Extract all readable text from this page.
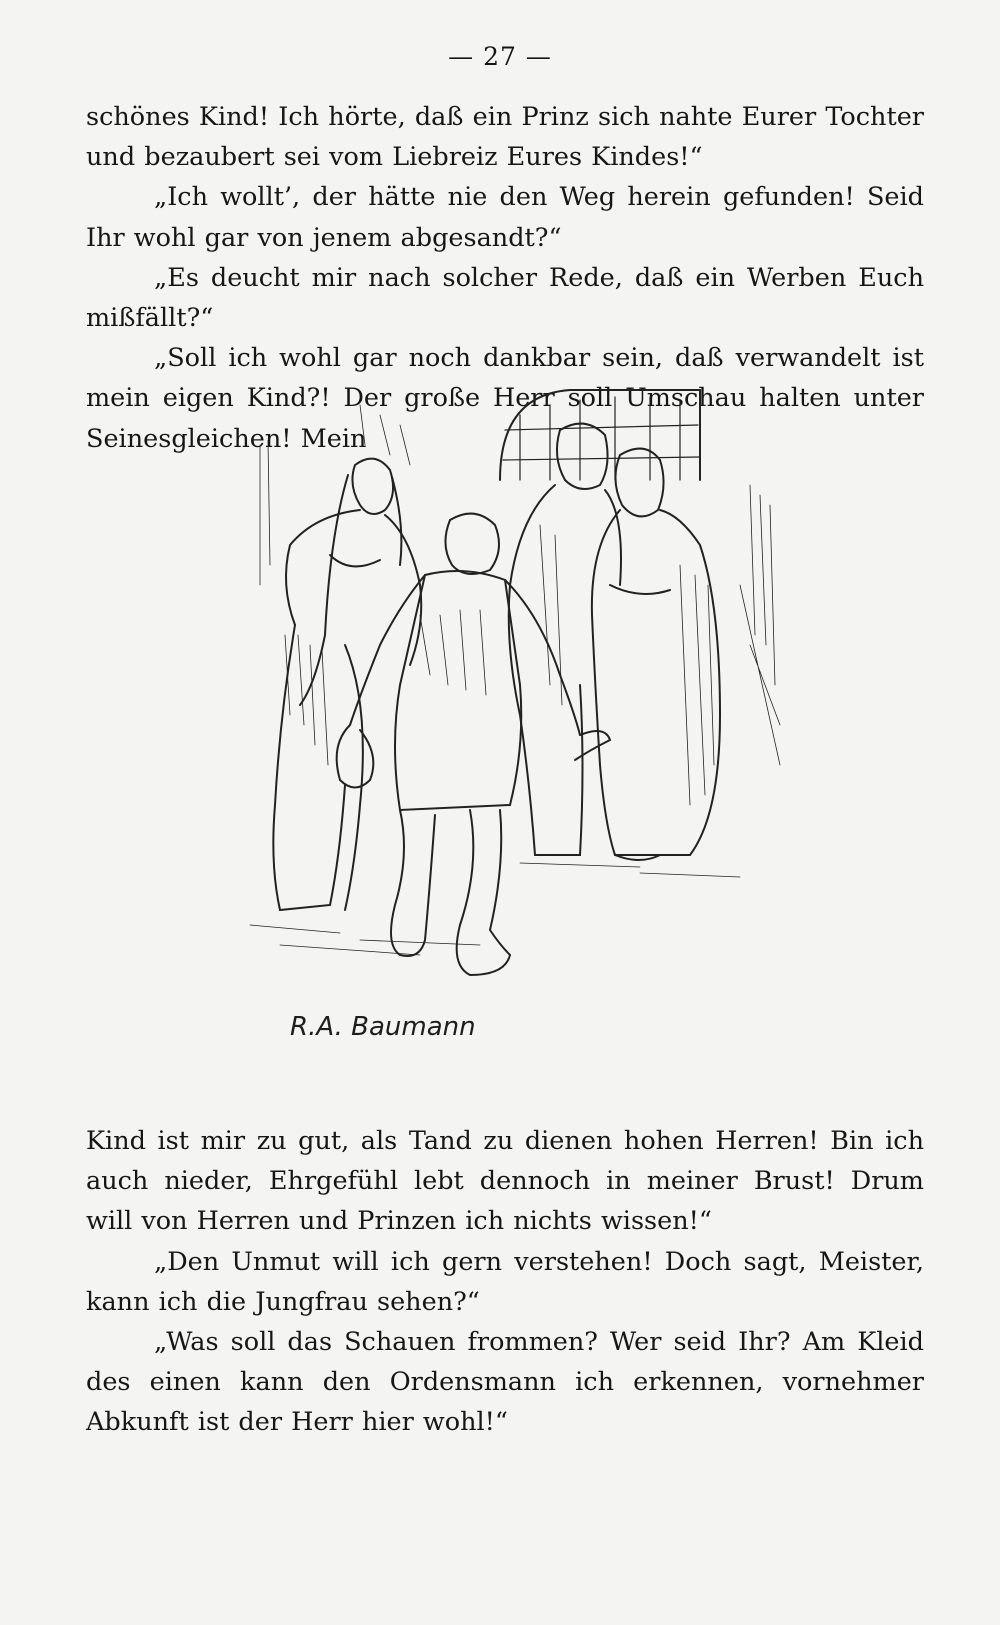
— 27 —

schönes Kind! Ich hörte, daß ein Prinz sich nahte Eurer Tochter und bezaubert sei vom Liebreiz Eures Kindes!“

„Ich wollt’, der hätte nie den Weg herein gefunden! Seid Ihr wohl gar von jenem abgesandt?“

„Es deucht mir nach solcher Rede, daß ein Werben Euch mißfällt?“

„Soll ich wohl gar noch dankbar sein, daß verwandelt ist mein eigen Kind?! Der große Herr soll Umschau halten unter Seinesgleichen! Mein

R.A. Baumann

Kind ist mir zu gut, als Tand zu dienen hohen Herren! Bin ich auch nieder, Ehrgefühl lebt dennoch in meiner Brust! Drum will von Herren und Prinzen ich nichts wissen!“

„Den Unmut will ich gern verstehen! Doch sagt, Meister, kann ich die Jungfrau sehen?“

„Was soll das Schauen frommen? Wer seid Ihr? Am Kleid des einen kann den Ordensmann ich erkennen, vornehmer Abkunft ist der Herr hier wohl!“
